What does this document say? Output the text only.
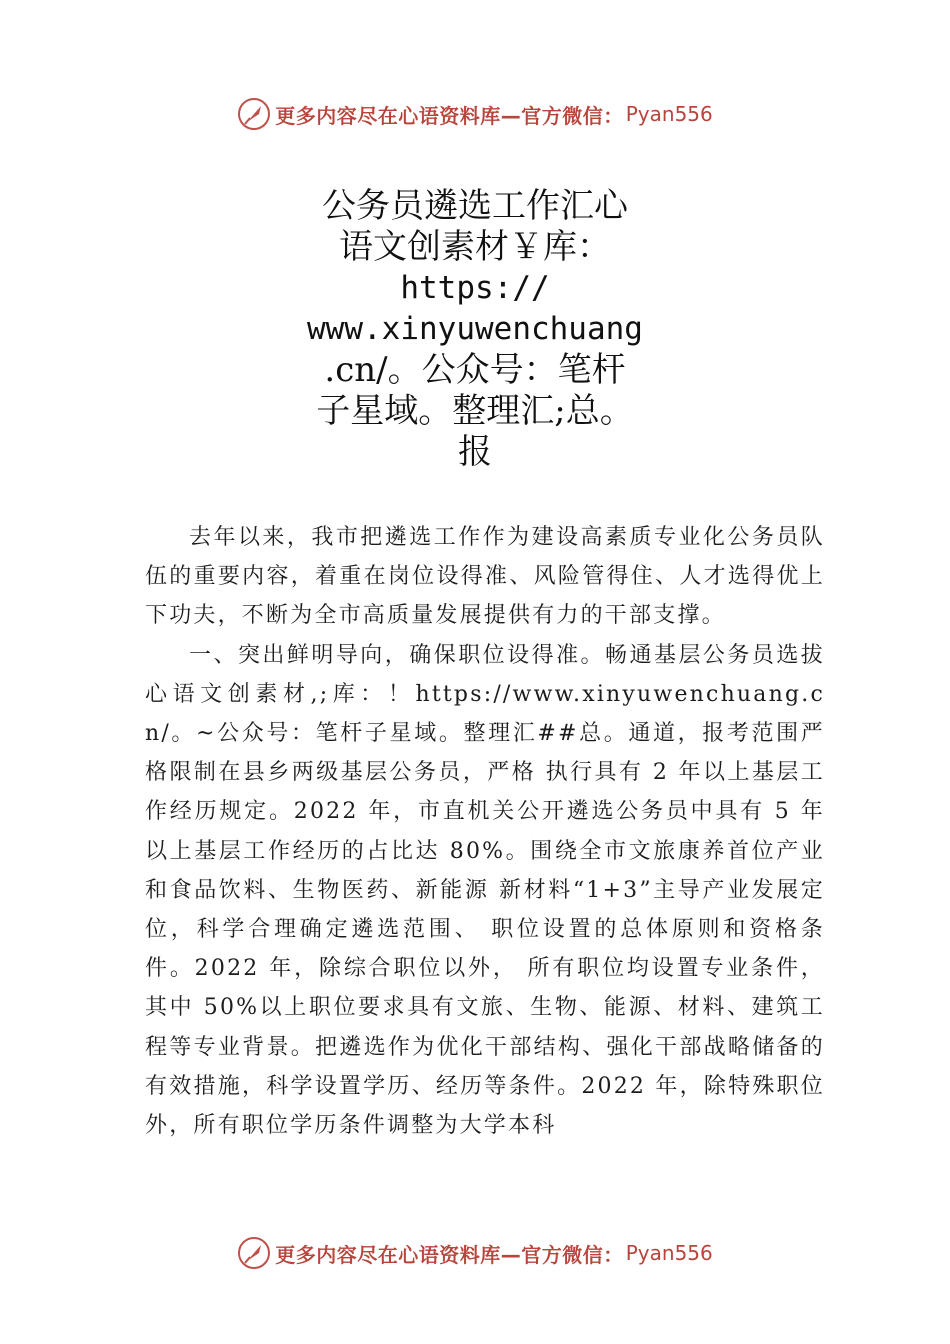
更多内容尽在心语资料库—官方微信： Pyan556
公务员遴选工作汇心
语文创素材￥库：
https://
www.xinyuwenchuang
.cn/。公众号：笔杆
子星域。整理汇;总。
报

去年以来，我市把遴选工作作为建设高素质专业化公务员队伍的重要内容，着重在岗位设得准、风险管得住、人才选得优上下功夫，不断为全市高质量发展提供有力的干部支撑。

一、突出鲜明导向，确保职位设得准。畅通基层公务员选拔心语文创素材,;库：！https://www.xinyuwenchuang.cn/。~公众号：笔杆子星域。整理汇##总。通道，报考范围严格限制在县乡两级基层公务员，严格 执行具有 2 年以上基层工作经历规定。2022 年，市直机关公开遴选公务员中具有 5 年以上基层工作经历的占比达 80%。围绕全市文旅康养首位产业和食品饮料、生物医药、新能源 新材料“1+3”主导产业发展定位，科学合理确定遴选范围、 职位设置的总体原则和资格条件。2022 年，除综合职位以外， 所有职位均设置专业条件，其中 50%以上职位要求具有文旅、生物、能源、材料、建筑工程等专业背景。把遴选作为优化干部结构、强化干部战略储备的有效措施，科学设置学历、经历等条件。2022 年，除特殊职位外，所有职位学历条件调整为大学本科

更多内容尽在心语资料库—官方微信： Pyan556
